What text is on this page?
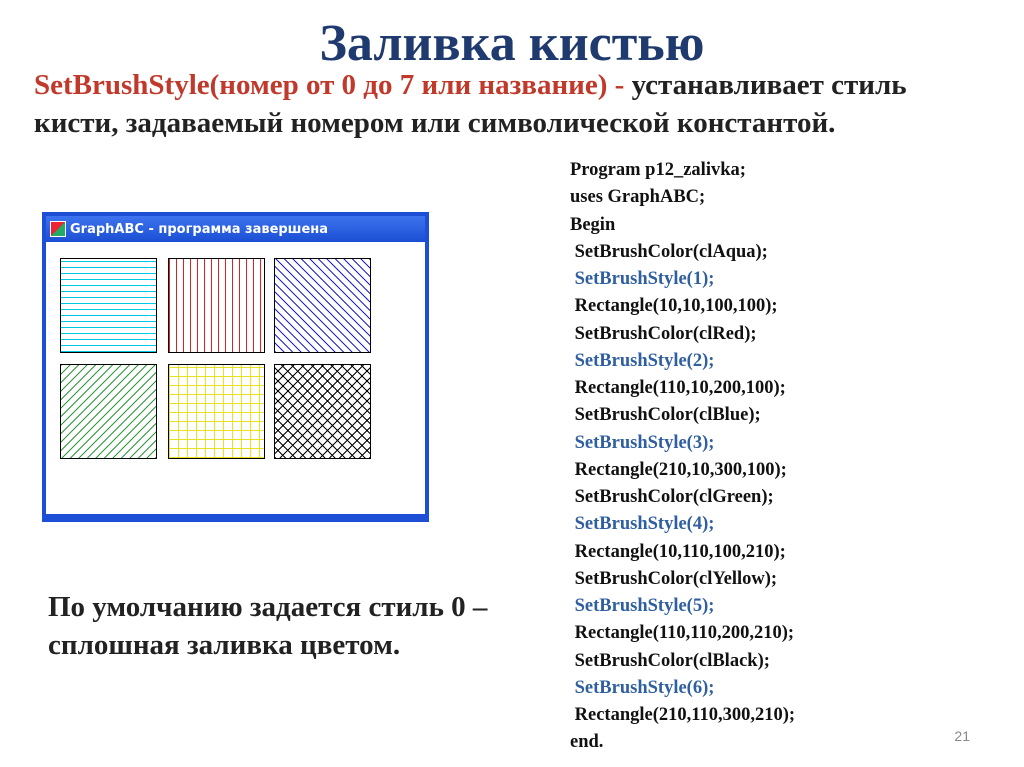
Заливка кистью
SetBrushStyle(номер от 0 до 7 или название) - устанавливает стиль кисти, задаваемый номером или символической константой.
GraphABC - программа завершена
Program p12_zalivka;
uses GraphABC;
Begin
SetBrushColor(clAqua);
SetBrushStyle(1);
Rectangle(10,10,100,100);
SetBrushColor(clRed);
SetBrushStyle(2);
Rectangle(110,10,200,100);
SetBrushColor(clBlue);
SetBrushStyle(3);
Rectangle(210,10,300,100);
SetBrushColor(clGreen);
SetBrushStyle(4);
Rectangle(10,110,100,210);
SetBrushColor(clYellow);
SetBrushStyle(5);
Rectangle(110,110,200,210);
SetBrushColor(clBlack);
SetBrushStyle(6);
Rectangle(210,110,300,210);
end.
По умолчанию задается стиль 0 – сплошная заливка цветом.
21
